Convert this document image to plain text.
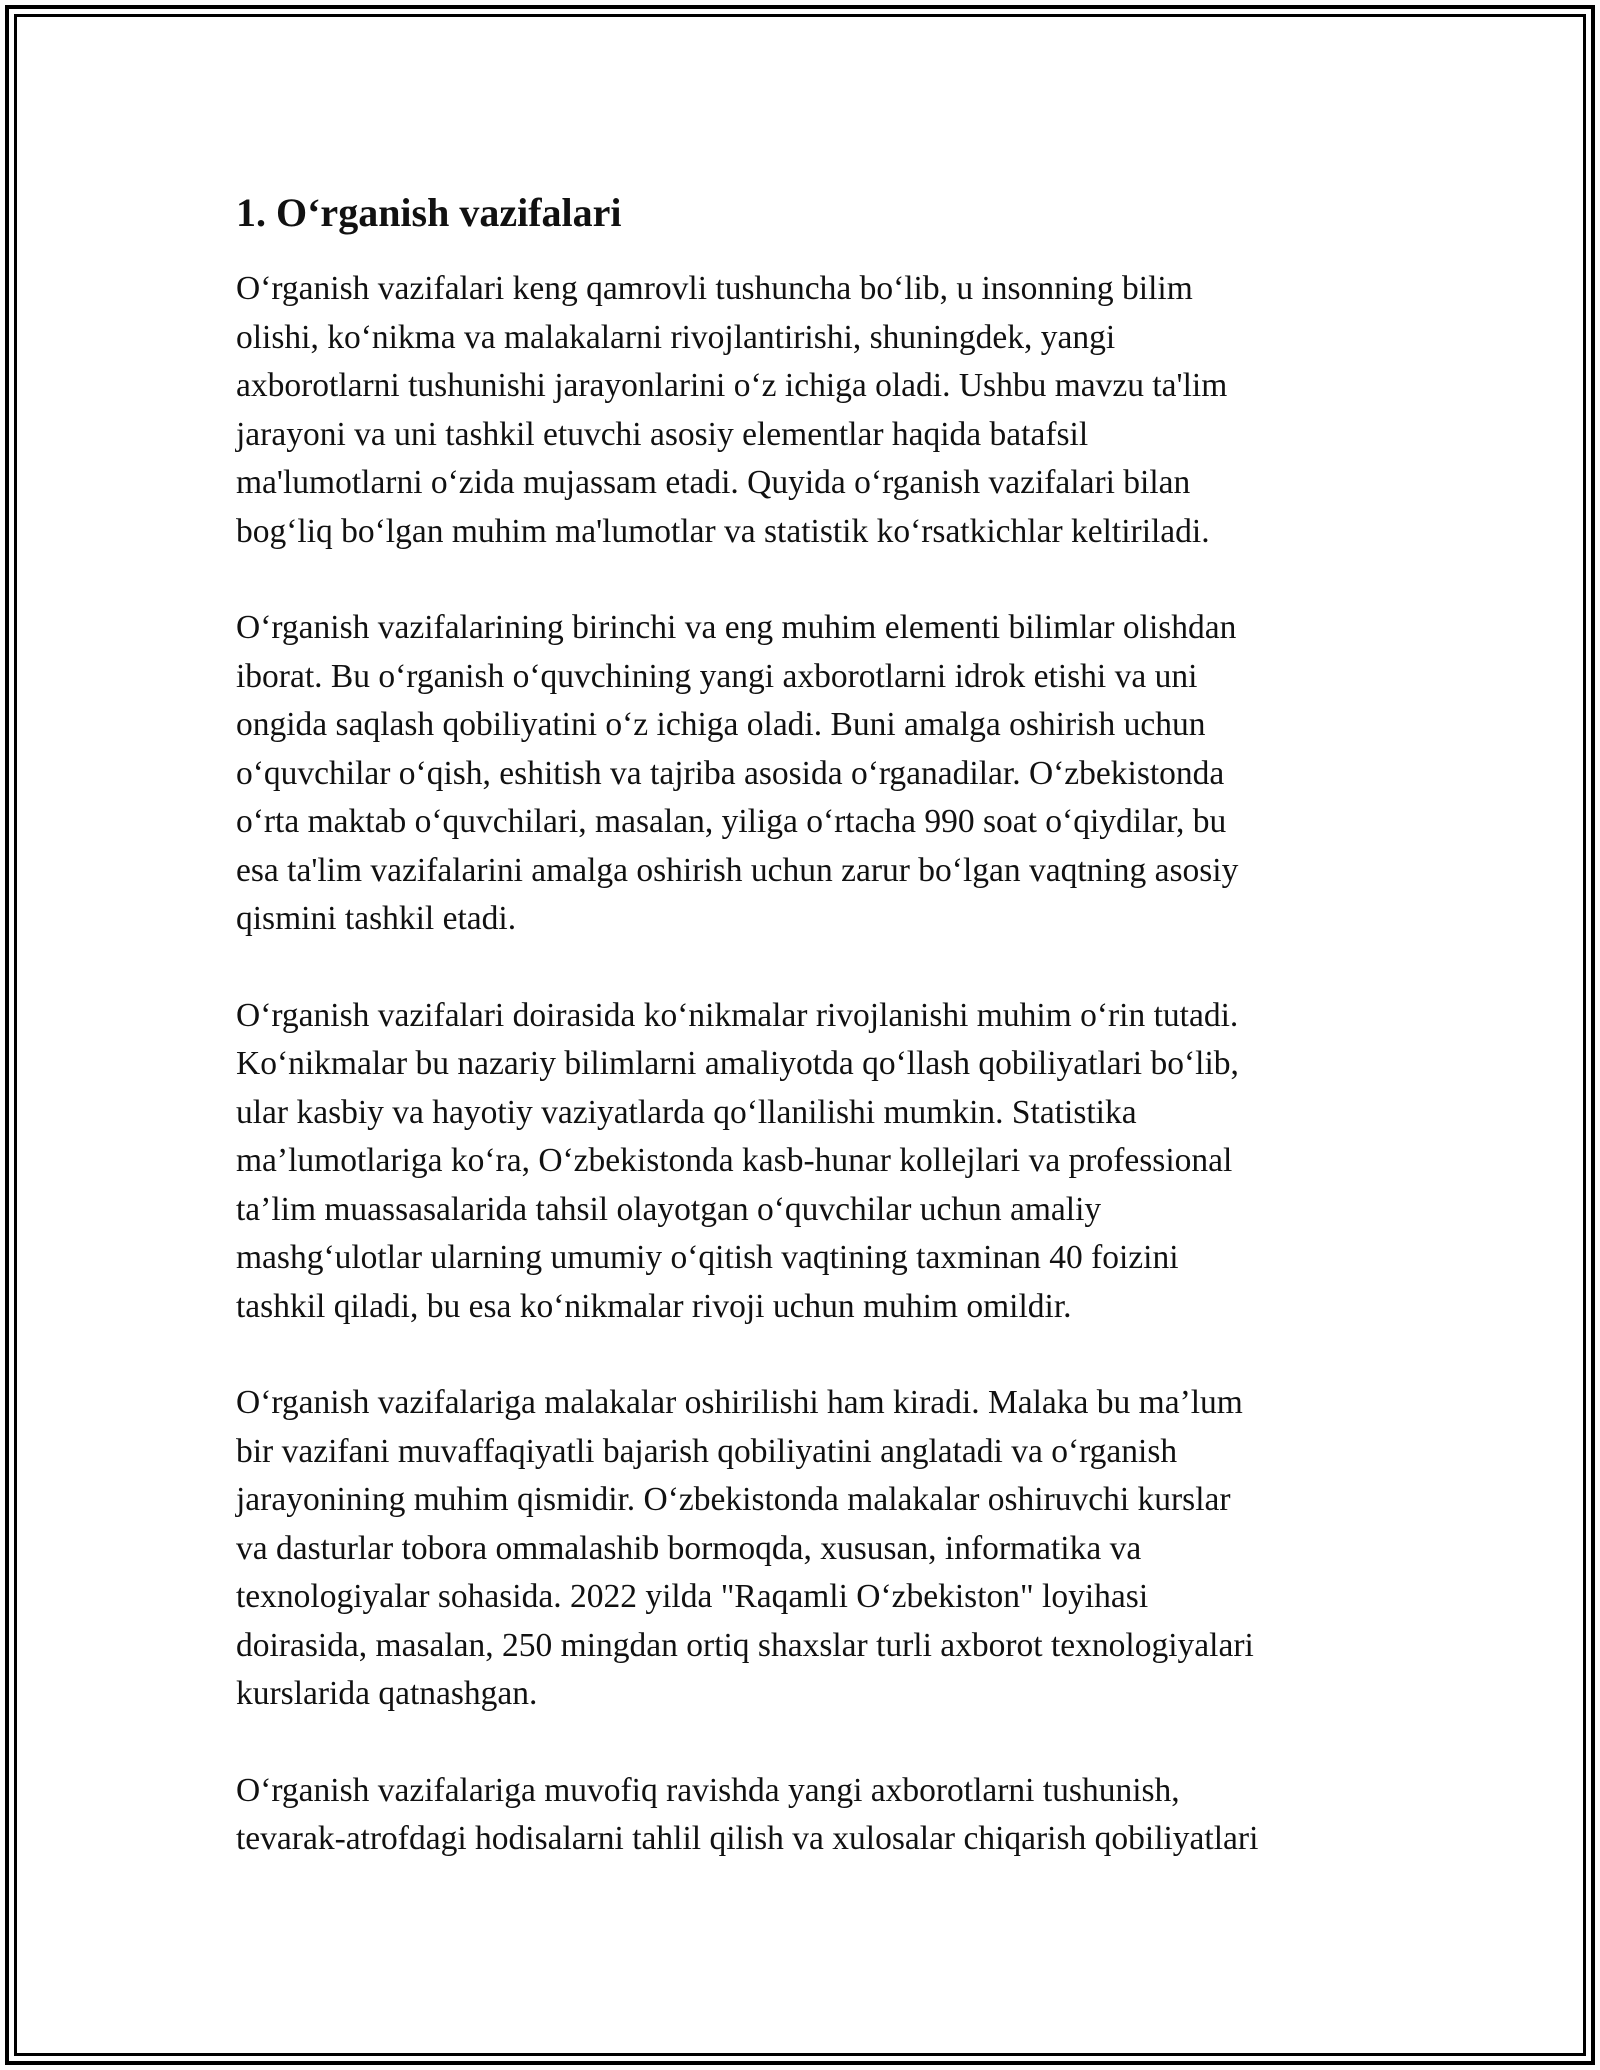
1. O‘rganish vazifalari
O‘rganish vazifalari keng qamrovli tushuncha bo‘lib, u insonning bilim
olishi, ko‘nikma va malakalarni rivojlantirishi, shuningdek, yangi
axborotlarni tushunishi jarayonlarini o‘z ichiga oladi. Ushbu mavzu ta'lim
jarayoni va uni tashkil etuvchi asosiy elementlar haqida batafsil
ma'lumotlarni o‘zida mujassam etadi. Quyida o‘rganish vazifalari bilan
bog‘liq bo‘lgan muhim ma'lumotlar va statistik ko‘rsatkichlar keltiriladi.
O‘rganish vazifalarining birinchi va eng muhim elementi bilimlar olishdan
iborat. Bu o‘rganish o‘quvchining yangi axborotlarni idrok etishi va uni
ongida saqlash qobiliyatini o‘z ichiga oladi. Buni amalga oshirish uchun
o‘quvchilar o‘qish, eshitish va tajriba asosida o‘rganadilar. O‘zbekistonda
o‘rta maktab o‘quvchilari, masalan, yiliga o‘rtacha 990 soat o‘qiydilar, bu
esa ta'lim vazifalarini amalga oshirish uchun zarur bo‘lgan vaqtning asosiy
qismini tashkil etadi.
O‘rganish vazifalari doirasida ko‘nikmalar rivojlanishi muhim o‘rin tutadi.
Ko‘nikmalar bu nazariy bilimlarni amaliyotda qo‘llash qobiliyatlari bo‘lib,
ular kasbiy va hayotiy vaziyatlarda qo‘llanilishi mumkin. Statistika
ma’lumotlariga ko‘ra, O‘zbekistonda kasb-hunar kollejlari va professional
ta’lim muassasalarida tahsil olayotgan o‘quvchilar uchun amaliy
mashg‘ulotlar ularning umumiy o‘qitish vaqtining taxminan 40 foizini
tashkil qiladi, bu esa ko‘nikmalar rivoji uchun muhim omildir.
O‘rganish vazifalariga malakalar oshirilishi ham kiradi. Malaka bu ma’lum
bir vazifani muvaffaqiyatli bajarish qobiliyatini anglatadi va o‘rganish
jarayonining muhim qismidir. O‘zbekistonda malakalar oshiruvchi kurslar
va dasturlar tobora ommalashib bormoqda, xususan, informatika va
texnologiyalar sohasida. 2022 yilda "Raqamli O‘zbekiston" loyihasi
doirasida, masalan, 250 mingdan ortiq shaxslar turli axborot texnologiyalari
kurslarida qatnashgan.
O‘rganish vazifalariga muvofiq ravishda yangi axborotlarni tushunish,
tevarak-atrofdagi hodisalarni tahlil qilish va xulosalar chiqarish qobiliyatlari
